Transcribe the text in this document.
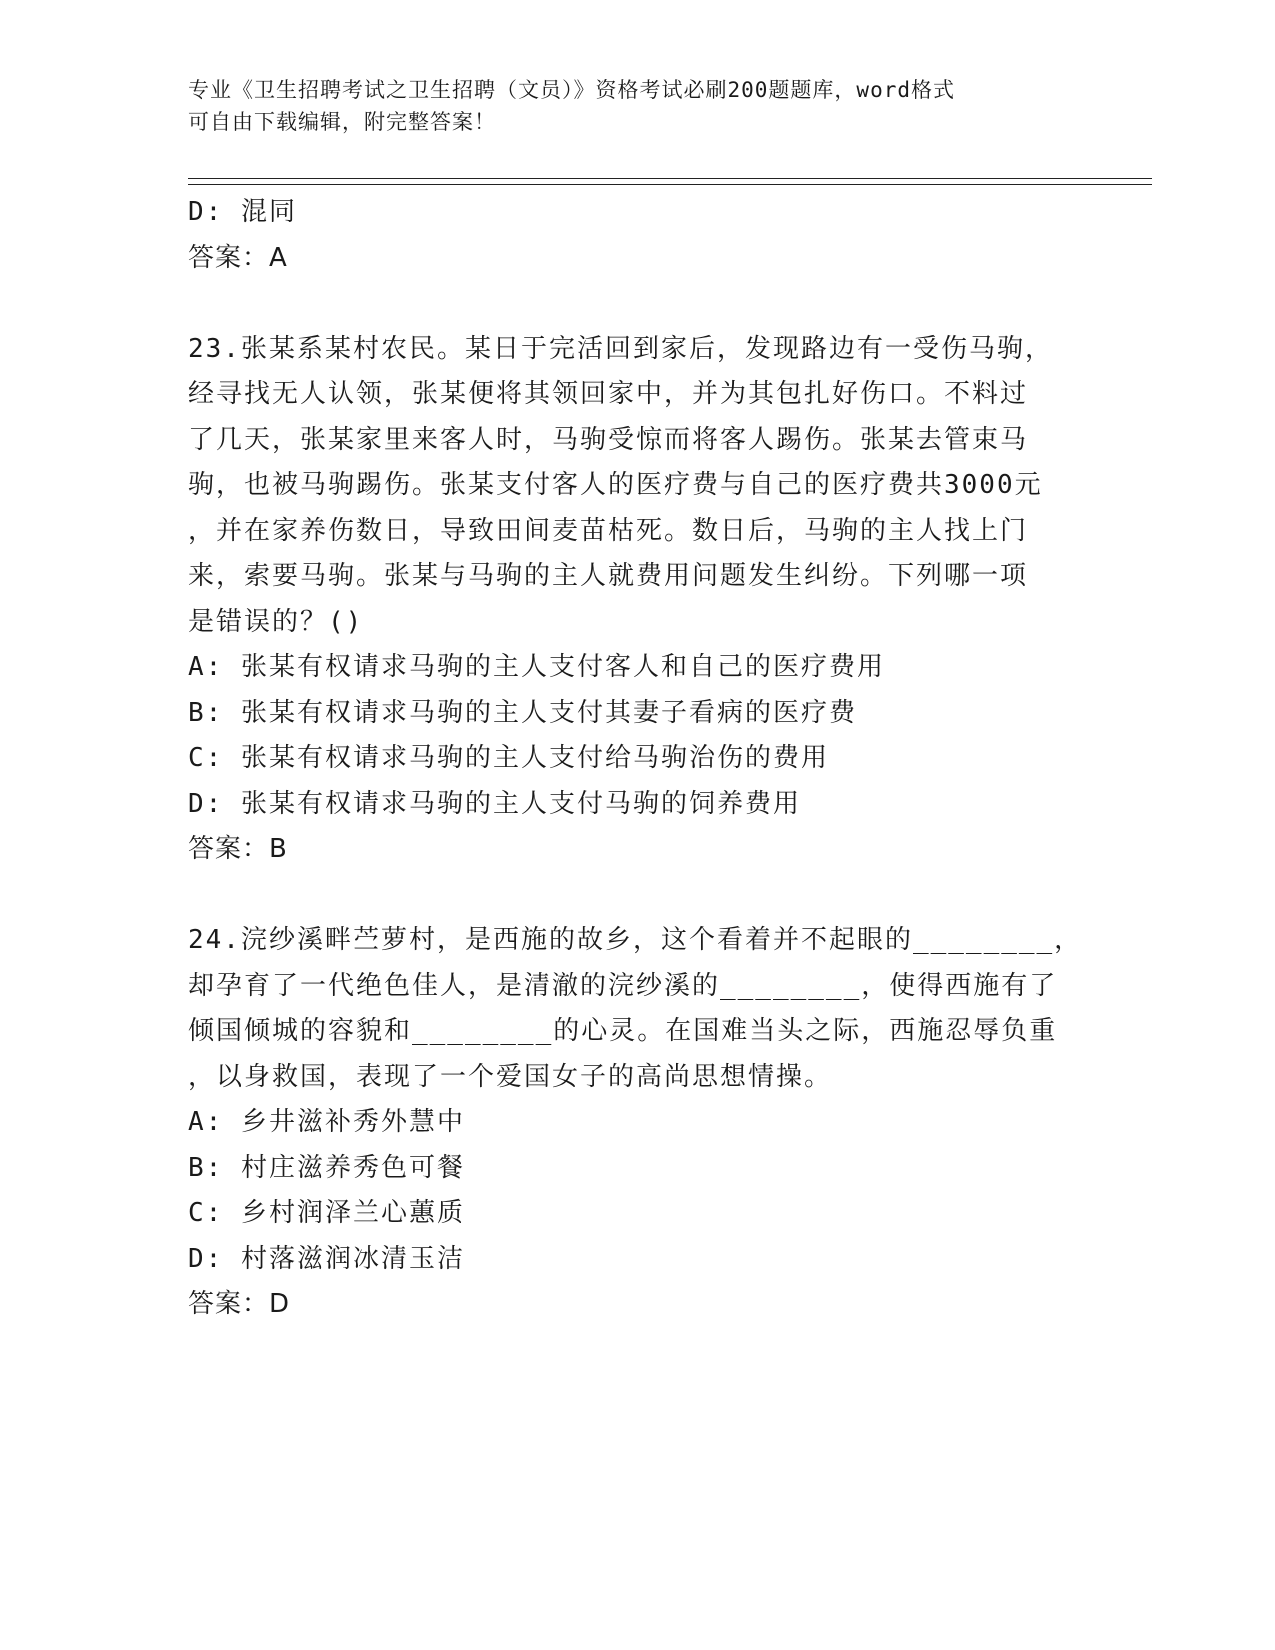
专业《卫生招聘考试之卫生招聘（文员）》资格考试必刷200题题库，word格式
可自由下载编辑，附完整答案！
D: 混同
答案：A
23.张某系某村农民。某日于完活回到家后，发现路边有一受伤马驹，
经寻找无人认领，张某便将其领回家中，并为其包扎好伤口。不料过
了几天，张某家里来客人时，马驹受惊而将客人踢伤。张某去管束马
驹，也被马驹踢伤。张某支付客人的医疗费与自己的医疗费共3000元
，并在家养伤数日，导致田间麦苗枯死。数日后，马驹的主人找上门
来，索要马驹。张某与马驹的主人就费用问题发生纠纷。下列哪一项
是错误的？()
A: 张某有权请求马驹的主人支付客人和自己的医疗费用
B: 张某有权请求马驹的主人支付其妻子看病的医疗费
C: 张某有权请求马驹的主人支付给马驹治伤的费用
D: 张某有权请求马驹的主人支付马驹的饲养费用
答案：B
24.浣纱溪畔苎萝村，是西施的故乡，这个看着并不起眼的________，
却孕育了一代绝色佳人，是清澈的浣纱溪的________，使得西施有了
倾国倾城的容貌和________的心灵。在国难当头之际，西施忍辱负重
，以身救国，表现了一个爱国女子的高尚思想情操。
A: 乡井滋补秀外慧中
B: 村庄滋养秀色可餐
C: 乡村润泽兰心蕙质
D: 村落滋润冰清玉洁
答案：D
